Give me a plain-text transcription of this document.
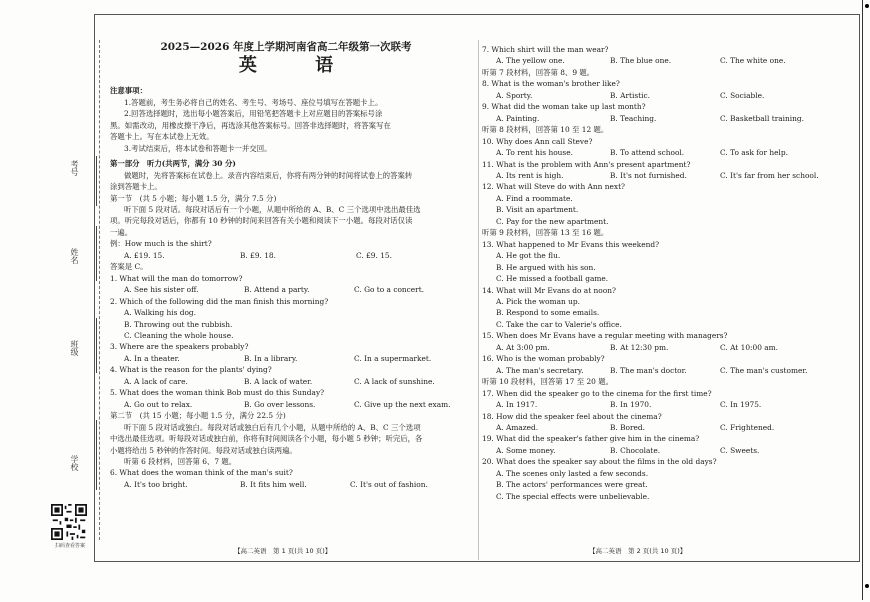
考号
姓名
班级
学校
扫码查看答案
2025—2026 年度上学期河南省高二年级第一次联考
英 语
注意事项：
1.答题前，考生务必将自己的姓名、考生号、考场号、座位号填写在答题卡上。
2.回答选择题时，选出每小题答案后，用铅笔把答题卡上对应题目的答案标号涂
黑。如需改动，用橡皮擦干净后，再选涂其他答案标号。回答非选择题时，将答案写在
答题卡上。写在本试卷上无效。
3.考试结束后，将本试卷和答题卡一并交回。
第一部分　听力(共两节，满分 30 分)
做题时，先将答案标在试卷上。录音内容结束后，你将有两分钟的时间将试卷上的答案转
涂到答题卡上。
第一节　(共 5 小题；每小题 1.5 分，满分 7.5 分)
听下面 5 段对话。每段对话后有一个小题，从题中所给的 A、B、C 三个选项中选出最佳选
项。听完每段对话后，你都有 10 秒钟的时间来回答有关小题和阅读下一小题。每段对话仅读
一遍。
例：How much is the shirt?
A. £19. 15.	B. £9. 18.	C. £9. 15.
答案是 C。
1. What will the man do tomorrow?
A. See his sister off.	B. Attend a party.	C. Go to a concert.
2. Which of the following did the man finish this morning?
A. Walking his dog.
B. Throwing out the rubbish.
C. Cleaning the whole house.
3. Where are the speakers probably?
A. In a theater.	B. In a library.	C. In a supermarket.
4. What is the reason for the plants' dying?
A. A lack of care.	B. A lack of water.	C. A lack of sunshine.
5. What does the woman think Bob must do this Sunday?
A. Go out to relax.	B. Go over lessons.	C. Give up the next exam.
第二节　(共 15 小题；每小题 1.5 分，满分 22.5 分)
听下面 5 段对话或独白。每段对话或独白后有几个小题，从题中所给的 A、B、C 三个选项
中选出最佳选项。听每段对话或独白前，你将有时间阅读各个小题，每小题 5 秒钟；听完后，各
小题将给出 5 秒钟的作答时间。每段对话或独白读两遍。
听第 6 段材料，回答第 6、7 题。
6. What does the woman think of the man's suit?
A. It's too bright.	B. It fits him well.	C. It's out of fashion.
7. Which shirt will the man wear?
A. The yellow one.	B. The blue one.	C. The white one.
听第 7 段材料，回答第 8、9 题。
8. What is the woman's brother like?
A. Sporty.	B. Artistic.	C. Sociable.
9. What did the woman take up last month?
A. Painting.	B. Teaching.	C. Basketball training.
听第 8 段材料，回答第 10 至 12 题。
10. Why does Ann call Steve?
A. To rent his house.	B. To attend school.	C. To ask for help.
11. What is the problem with Ann's present apartment?
A. Its rent is high.	B. It's not furnished.	C. It's far from her school.
12. What will Steve do with Ann next?
A. Find a roommate.
B. Visit an apartment.
C. Pay for the new apartment.
听第 9 段材料，回答第 13 至 16 题。
13. What happened to Mr Evans this weekend?
A. He got the flu.
B. He argued with his son.
C. He missed a football game.
14. What will Mr Evans do at noon?
A. Pick the woman up.
B. Respond to some emails.
C. Take the car to Valerie's office.
15. When does Mr Evans have a regular meeting with managers?
A. At 3:00 pm.	B. At 12:30 pm.	C. At 10:00 am.
16. Who is the woman probably?
A. The man's secretary.	B. The man's doctor.	C. The man's customer.
听第 10 段材料，回答第 17 至 20 题。
17. When did the speaker go to the cinema for the first time?
A. In 1917.	B. In 1970.	C. In 1975.
18. How did the speaker feel about the cinema?
A. Amazed.	B. Bored.	C. Frightened.
19. What did the speaker's father give him in the cinema?
A. Some money.	B. Chocolate.	C. Sweets.
20. What does the speaker say about the films in the old days?
A. The scenes only lasted a few seconds.
B. The actors' performances were great.
C. The special effects were unbelievable.
【高二英语　第 1 页(共 10 页)】	【高二英语　第 2 页(共 10 页)】
